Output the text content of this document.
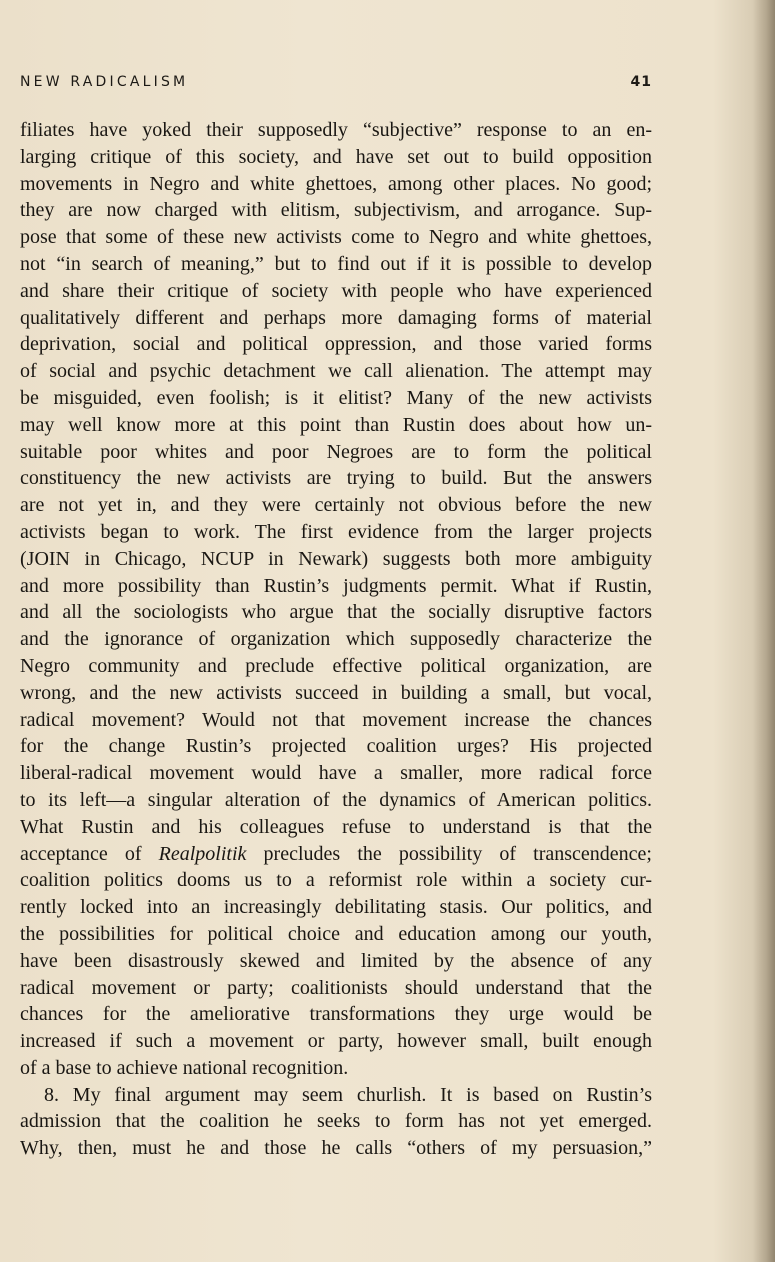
NEW RADICALISM	41
filiates have yoked their supposedly “subjective” response to an en-
larging critique of this society, and have set out to build opposition
movements in Negro and white ghettoes, among other places. No good;
they are now charged with elitism, subjectivism, and arrogance. Sup-
pose that some of these new activists come to Negro and white ghettoes,
not “in search of meaning,” but to find out if it is possible to develop
and share their critique of society with people who have experienced
qualitatively different and perhaps more damaging forms of material
deprivation, social and political oppression, and those varied forms
of social and psychic detachment we call alienation. The attempt may
be misguided, even foolish; is it elitist? Many of the new activists
may well know more at this point than Rustin does about how un-
suitable poor whites and poor Negroes are to form the political
constituency the new activists are trying to build. But the answers
are not yet in, and they were certainly not obvious before the new
activists began to work. The first evidence from the larger projects
(JOIN in Chicago, NCUP in Newark) suggests both more ambiguity
and more possibility than Rustin’s judgments permit. What if Rustin,
and all the sociologists who argue that the socially disruptive factors
and the ignorance of organization which supposedly characterize the
Negro community and preclude effective political organization, are
wrong, and the new activists succeed in building a small, but vocal,
radical movement? Would not that movement increase the chances
for the change Rustin’s projected coalition urges? His projected
liberal-radical movement would have a smaller, more radical force
to its left—a singular alteration of the dynamics of American politics.
What Rustin and his colleagues refuse to understand is that the
acceptance of Realpolitik precludes the possibility of transcendence;
coalition politics dooms us to a reformist role within a society cur-
rently locked into an increasingly debilitating stasis. Our politics, and
the possibilities for political choice and education among our youth,
have been disastrously skewed and limited by the absence of any
radical movement or party; coalitionists should understand that the
chances for the ameliorative transformations they urge would be
increased if such a movement or party, however small, built enough
of a base to achieve national recognition.
8. My final argument may seem churlish. It is based on Rustin’s
admission that the coalition he seeks to form has not yet emerged.
Why, then, must he and those he calls “others of my persuasion,”
